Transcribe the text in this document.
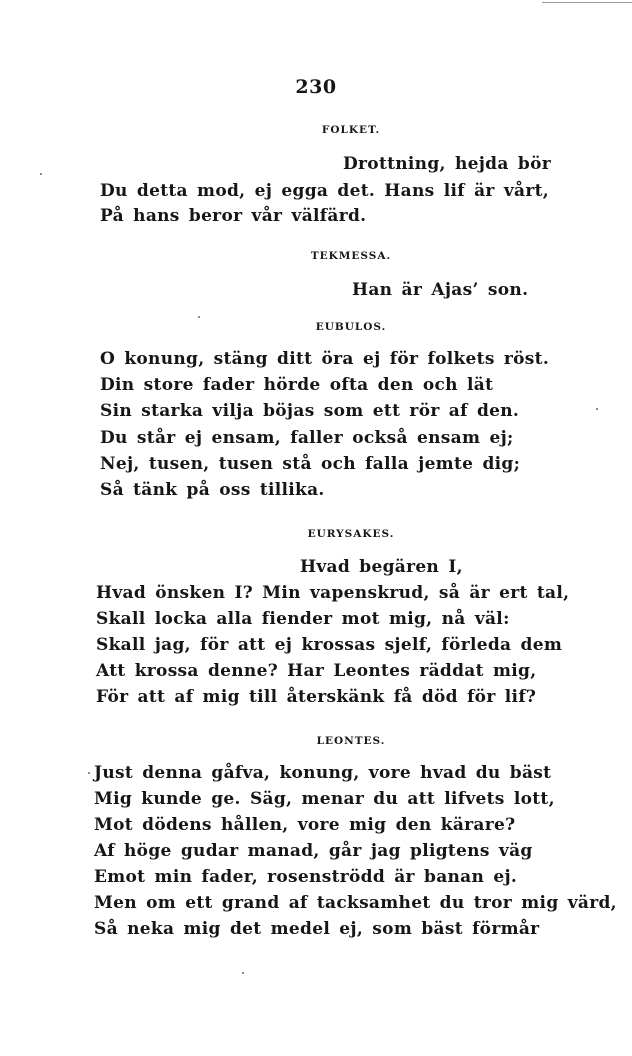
230
FOLKET.
Drottning, hejda bör
Du detta mod, ej egga det. Hans lif är vårt,
På hans beror vår välfärd.
TEKMESSA.
Han är Ajas’ son.
EUBULOS.
O konung, stäng ditt öra ej för folkets röst.
Din store fader hörde ofta den och lät
Sin starka vilja böjas som ett rör af den.
Du står ej ensam, faller också ensam ej;
Nej, tusen, tusen stå och falla jemte dig;
Så tänk på oss tillika.
EURYSAKES.
Hvad begären I,
Hvad önsken I? Min vapenskrud, så är ert tal,
Skall locka alla fiender mot mig, nå väl:
Skall jag, för att ej krossas sjelf, förleda dem
Att krossa denne? Har Leontes räddat mig,
För att af mig till återskänk få död för lif?
LEONTES.
Just denna gåfva, konung, vore hvad du bäst
Mig kunde ge. Säg, menar du att lifvets lott,
Mot dödens hållen, vore mig den kärare?
Af höge gudar manad, går jag pligtens väg
Emot min fader, rosenströdd är banan ej.
Men om ett grand af tacksamhet du tror mig värd,
Så neka mig det medel ej, som bäst förmår
